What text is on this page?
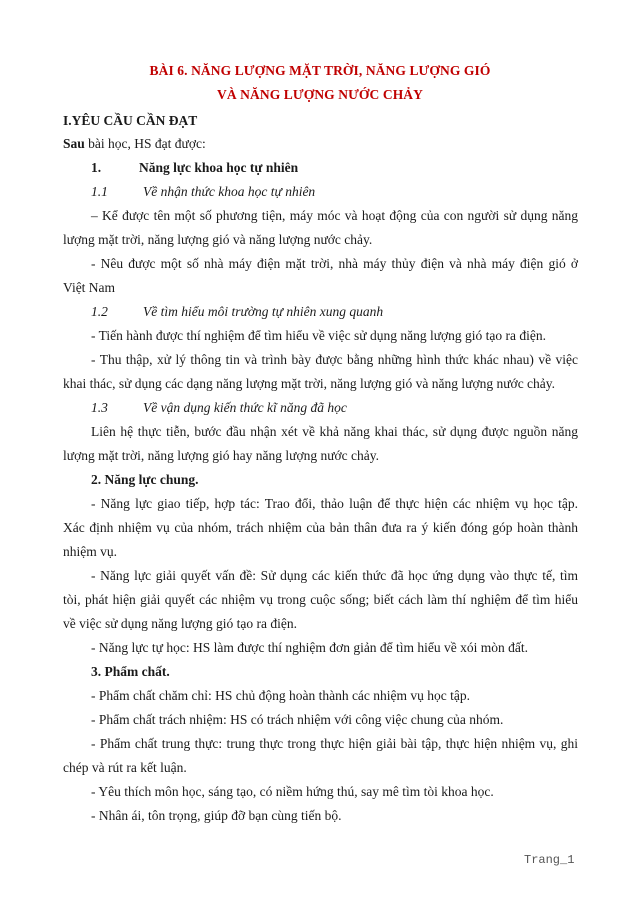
BÀI 6. NĂNG LƯỢNG MẶT TRỜI, NĂNG LƯỢNG GIÓ
VÀ NĂNG LƯỢNG NƯỚC CHẢY
I.YÊU CẦU CẦN ĐẠT
Sau bài học, HS đạt được:
1.	Năng lực khoa học tự nhiên
1.1	Về nhận thức khoa học tự nhiên
– Kể được tên một số phương tiện, máy móc và hoạt động của con người sử dụng năng
lượng mặt trời, năng lượng gió và năng lượng nước chảy.
- Nêu được một số nhà máy điện mặt trời, nhà máy thủy điện và nhà máy điện gió ở
Việt Nam
1.2	Về tìm hiểu môi trường tự nhiên xung quanh
- Tiến hành được thí nghiệm để tìm hiểu về việc sử dụng năng lượng gió tạo ra điện.
- Thu thập, xử lý thông tin và trình bày được bằng những hình thức khác nhau) về việc
khai thác, sử dụng các dạng năng lượng mặt trời, năng lượng gió và năng lượng nước chảy.
1.3	Về vận dụng kiến thức kĩ năng đã học
Liên hệ thực tiễn, bước đầu nhận xét về khả năng khai thác, sử dụng được nguồn năng
lượng mặt trời, năng lượng gió hay năng lượng nước chảy.
2. Năng lực chung.
- Năng lực giao tiếp, hợp tác: Trao đổi, thảo luận để thực hiện các nhiệm vụ học tập.
Xác định nhiệm vụ của nhóm, trách nhiệm của bản thân đưa ra ý kiến đóng góp hoàn thành
nhiệm vụ.
- Năng lực giải quyết vấn đề: Sử dụng các kiến thức đã học ứng dụng vào thực tế, tìm
tòi, phát hiện giải quyết các nhiệm vụ trong cuộc sống; biết cách làm thí nghiệm để tìm hiểu
về việc sử dụng năng lượng gió tạo ra điện.
- Năng lực tự học: HS làm được thí nghiệm đơn giản để tìm hiểu về xói mòn đất.
3. Phẩm chất.
- Phẩm chất chăm chỉ: HS chủ động hoàn thành các nhiệm vụ học tập.
- Phẩm chất trách nhiệm: HS có trách nhiệm với công việc chung của nhóm.
- Phẩm chất trung thực: trung thực trong thực hiện giải bài tập, thực hiện nhiệm vụ, ghi
chép và rút ra kết luận.
- Yêu thích môn học, sáng tạo, có niềm hứng thú, say mê tìm tòi khoa học.
- Nhân ái, tôn trọng, giúp đỡ bạn cùng tiến bộ.
Trang_1
